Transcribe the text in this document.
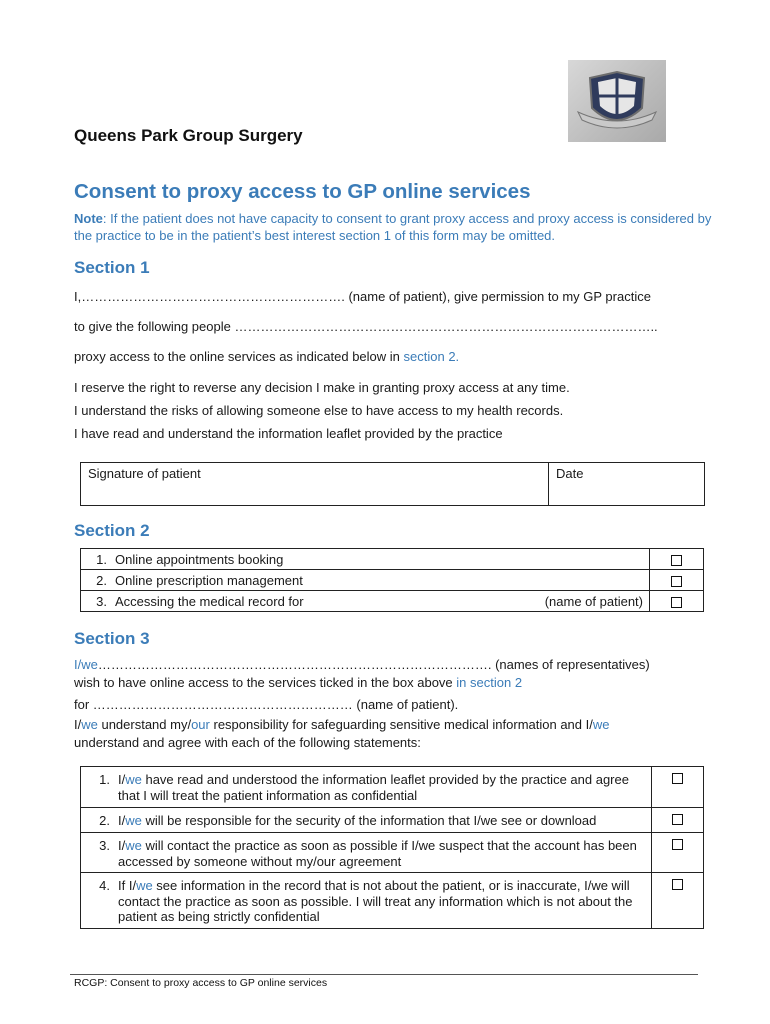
Queens Park Group Surgery
Consent to proxy access to GP online services
Note: If the patient does not have capacity to consent to grant proxy access and proxy access is considered by the practice to be in the patient’s best interest section 1 of this form may be omitted.
Section 1
I,……………………………………………………. (name of patient), give permission to my GP practice
to give the following people ……………………………………………………………………………………..
proxy access to the online services as indicated below in section 2.
I reserve the right to reverse any decision I make in granting proxy access at any time.
I understand the risks of allowing someone else to have access to my health records.
I have read and understand the information leaflet provided by the practice
Signature of patient	Date
Section 2
1. Online appointments booking	
2. Online prescription management	
3. Accessing the medical record for (name of patient)	

Section 3
I/we………………………………………………………………………………. (names of representatives)
wish to have online access to the services ticked in the box above in section 2
for …………………………………………………… (name of patient).
I/we understand my/our responsibility for safeguarding sensitive medical information and I/we
understand and agree with each of the following statements:
1. I/we have read and understood the information leaflet provided by the practice and agree that I will treat the patient information as confidential	

2. I/we will be responsible for the security of the information that I/we see or download	

3. I/we will contact the practice as soon as possible if I/we suspect that the account has been accessed by someone without my/our agreement	

4. If I/we see information in the record that is not about the patient, or is inaccurate, I/we will contact the practice as soon as possible. I will treat any information which is not about the patient as being strictly confidential	

RCGP: Consent to proxy access to GP online services
